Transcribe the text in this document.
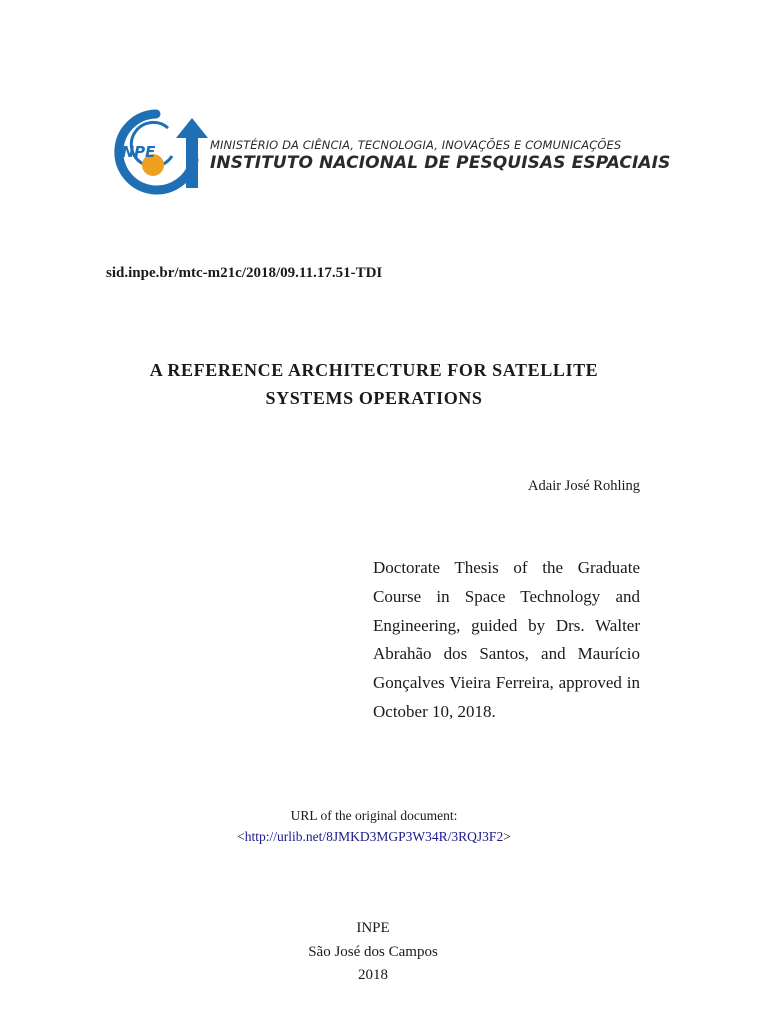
INPE	MINISTÉRIO DA CIÊNCIA, TECNOLOGIA, INOVAÇÕES E COMUNICAÇÕES
INSTITUTO NACIONAL DE PESQUISAS ESPACIAIS
sid.inpe.br/mtc-m21c/2018/09.11.17.51-TDI
A REFERENCE ARCHITECTURE FOR SATELLITE
SYSTEMS OPERATIONS
Adair José Rohling
Doctorate Thesis of the Graduate Course in Space Technology and Engineering, guided by Drs. Walter Abrahão dos Santos, and Maurício Gonçalves Vieira Ferreira, approved in October 10, 2018.
URL of the original document:
<http://urlib.net/8JMKD3MGP3W34R/3RQJ3F2>
INPE
São José dos Campos
2018
